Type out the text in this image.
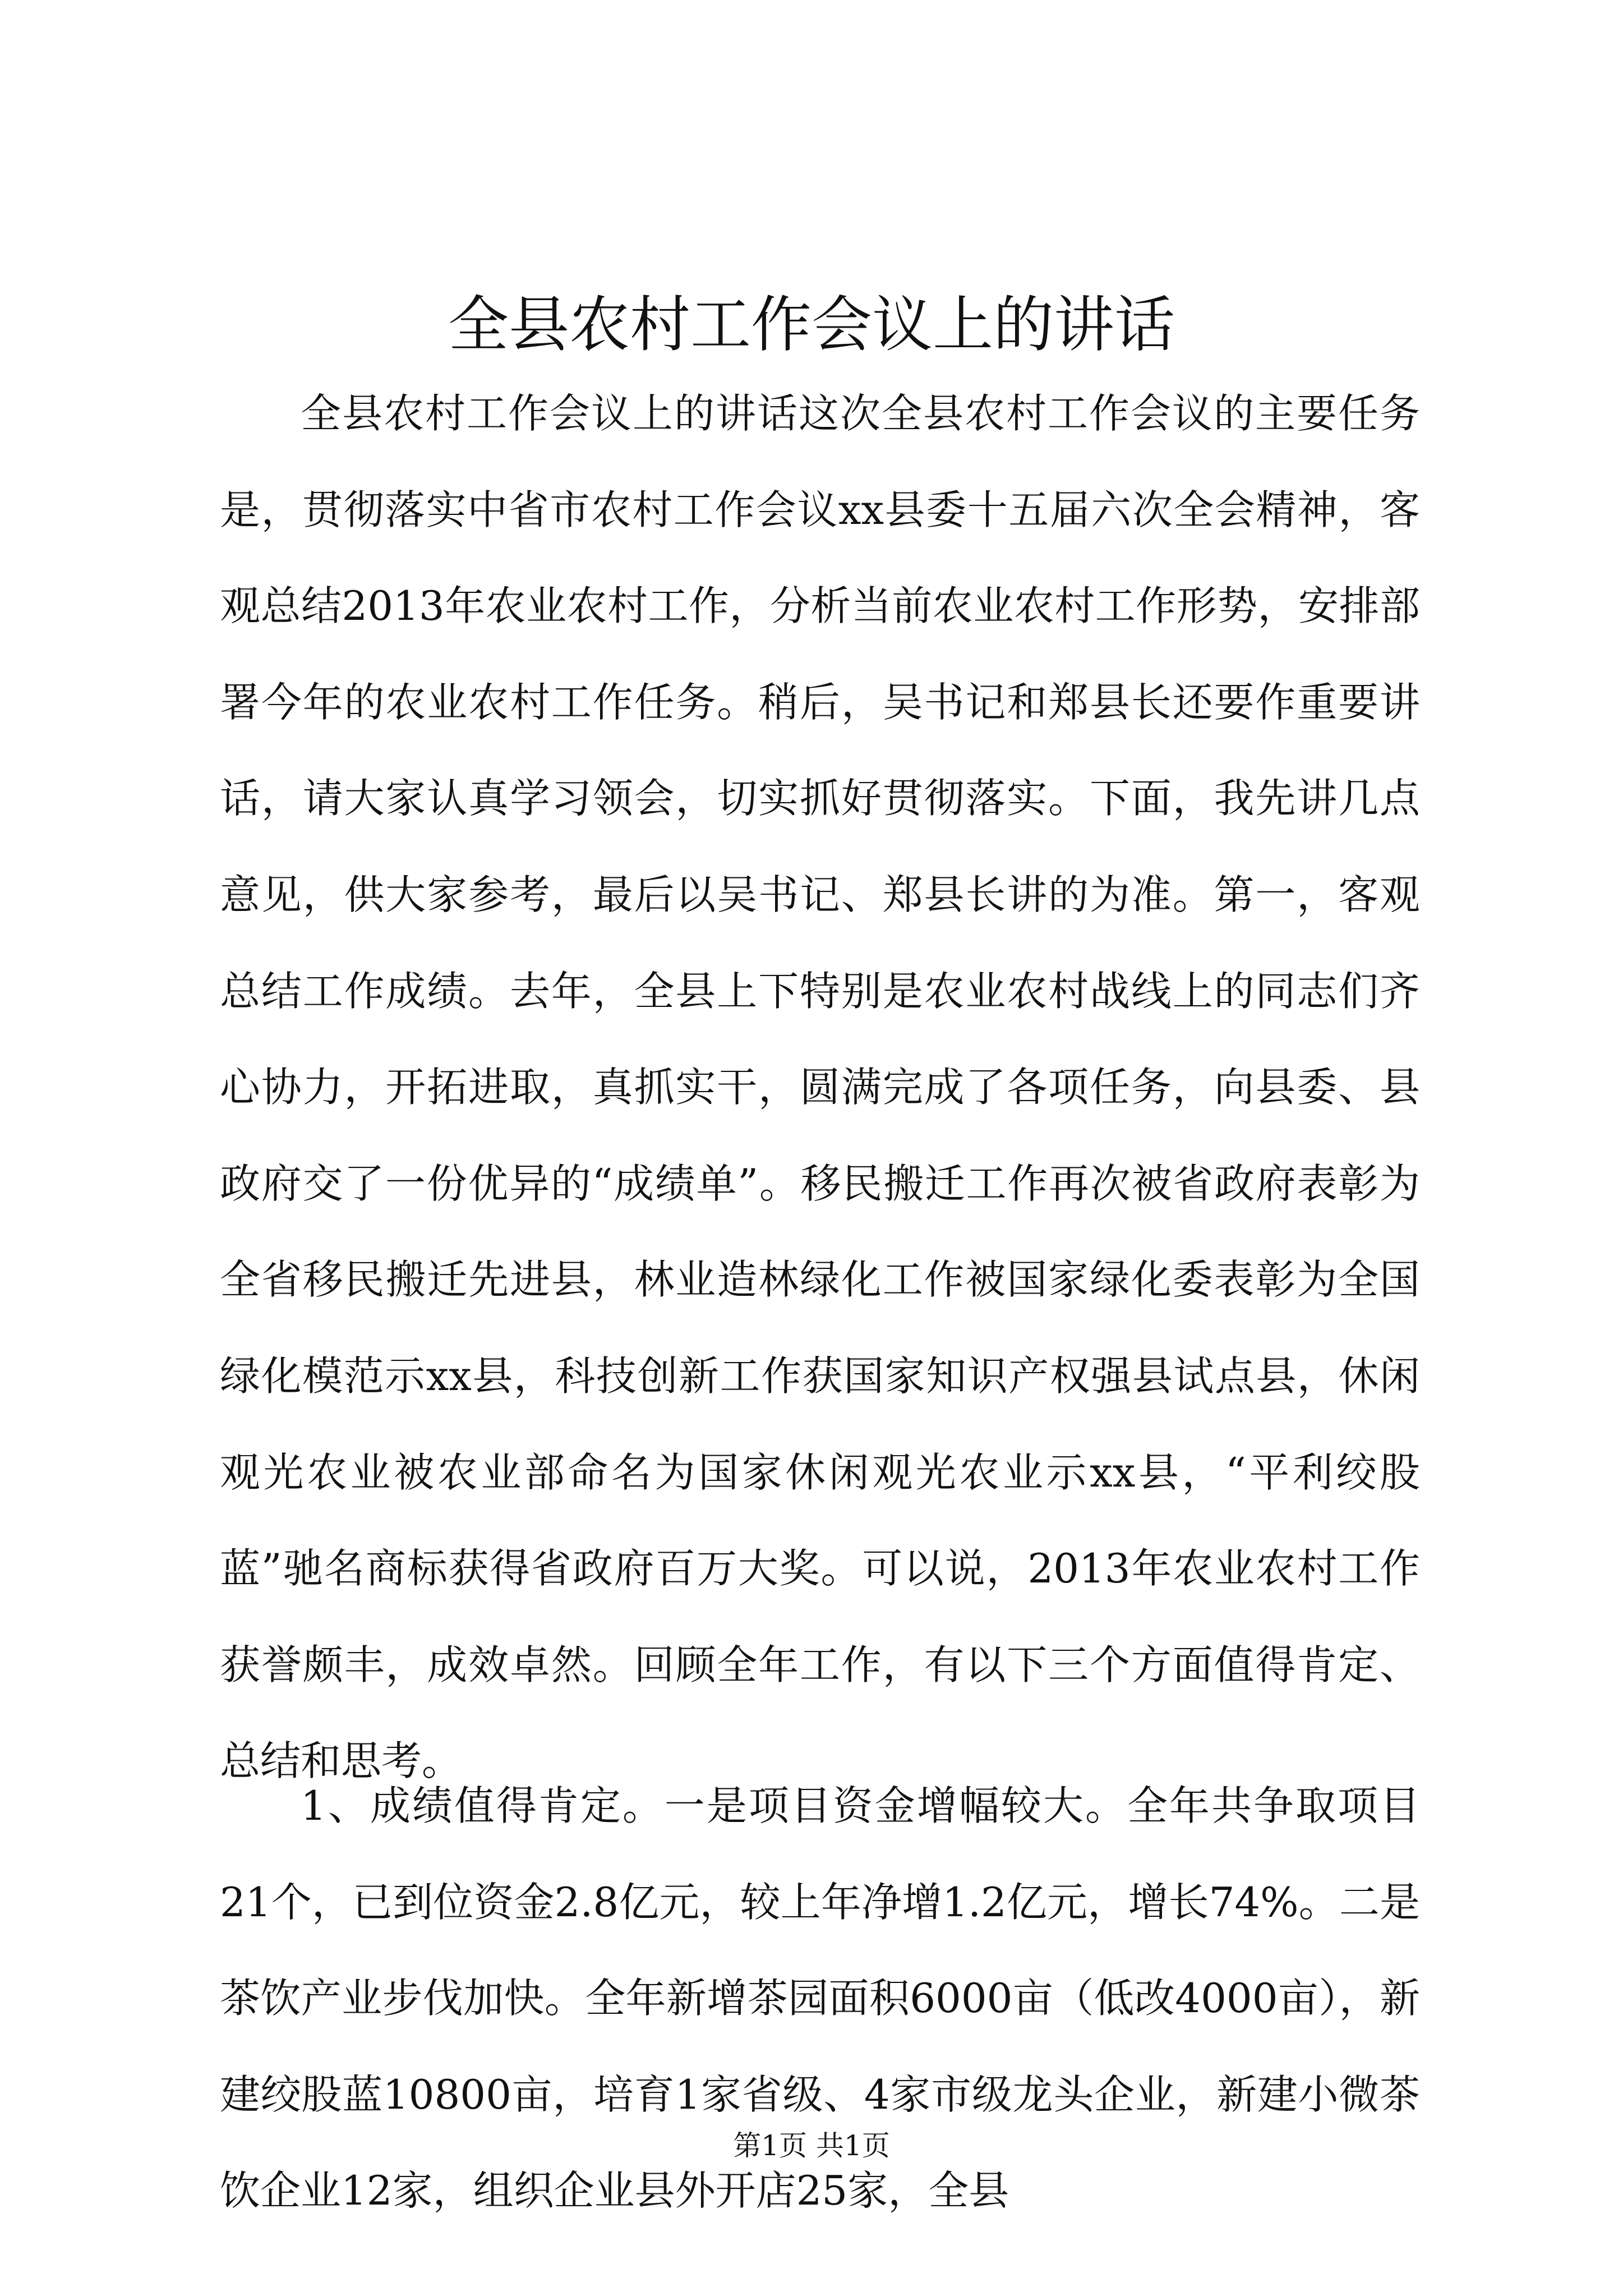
全县农村工作会议上的讲话

全县农村工作会议上的讲话这次全县农村工作会议的主要任务是，贯彻落实中省市农村工作会议xx县委十五届六次全会精神，客观总结2013年农业农村工作，分析当前农业农村工作形势，安排部署今年的农业农村工作任务。稍后，吴书记和郑县长还要作重要讲话，请大家认真学习领会，切实抓好贯彻落实。下面，我先讲几点意见，供大家参考，最后以吴书记、郑县长讲的为准。第一，客观总结工作成绩。去年，全县上下特别是农业农村战线上的同志们齐心协力，开拓进取，真抓实干，圆满完成了各项任务，向县委、县政府交了一份优异的“成绩单”。移民搬迁工作再次被省政府表彰为全省移民搬迁先进县，林业造林绿化工作被国家绿化委表彰为全国绿化模范示xx县，科技创新工作获国家知识产权强县试点县，休闲观光农业被农业部命名为国家休闲观光农业示xx县，“平利绞股蓝”驰名商标获得省政府百万大奖。可以说，2013年农业农村工作获誉颇丰，成效卓然。回顾全年工作，有以下三个方面值得肯定、总结和思考。

1、成绩值得肯定。一是项目资金增幅较大。全年共争取项目21个，已到位资金2.8亿元，较上年净增1.2亿元，增长74%。二是茶饮产业步伐加快。全年新增茶园面积6000亩（低改4000亩），新建绞股蓝10800亩，培育1家省级、4家市级龙头企业，新建小微茶饮企业12家，组织企业县外开店25家，全县

第1页 共1页
